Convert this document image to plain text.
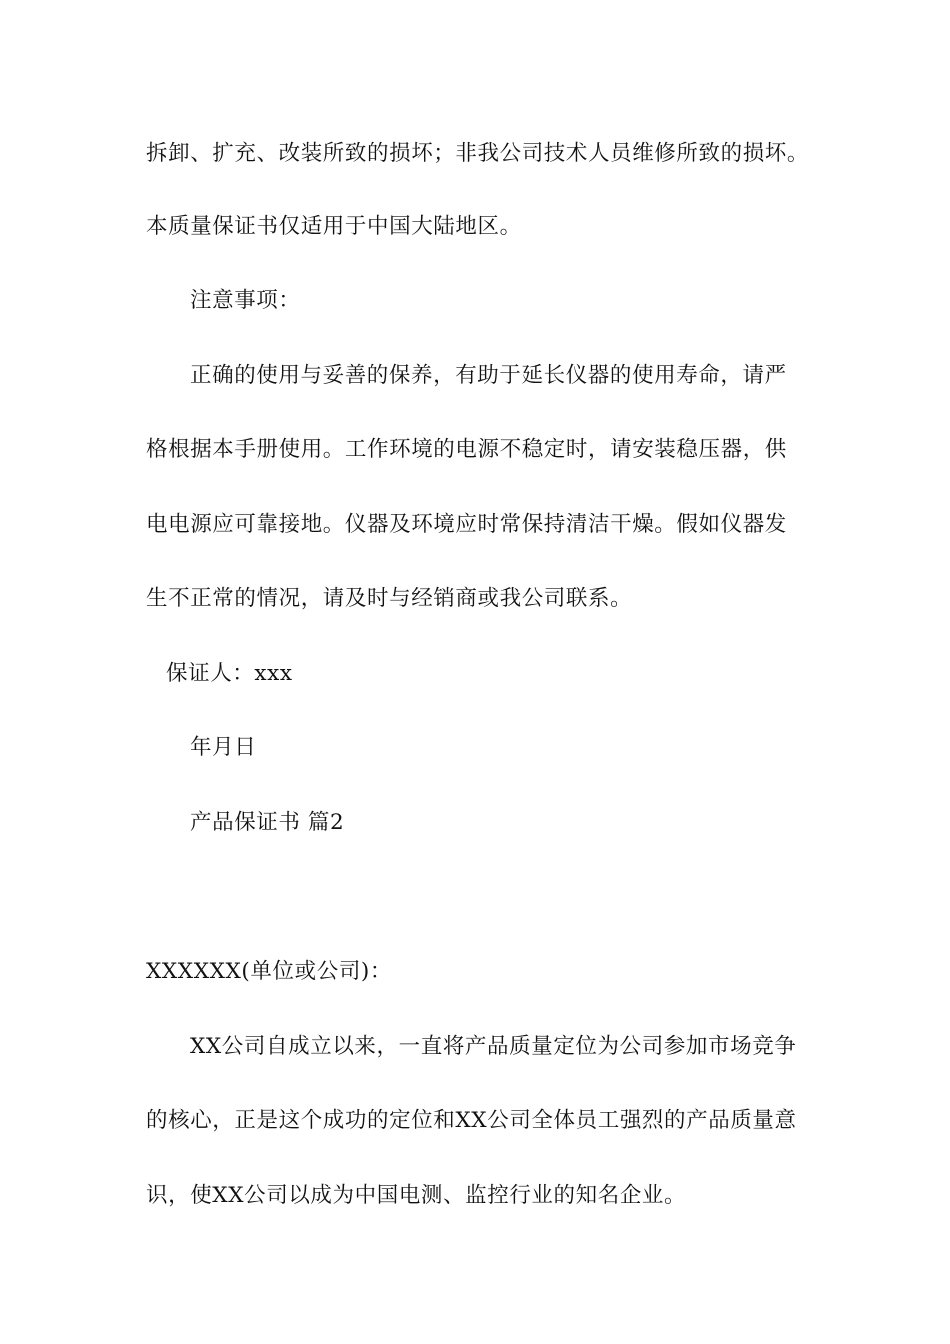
拆卸、扩充、改装所致的损坏；非我公司技术人员维修所致的损坏。
本质量保证书仅适用于中国大陆地区。
注意事项：
正确的使用与妥善的保养，有助于延长仪器的使用寿命，请严
格根据本手册使用。工作环境的电源不稳定时，请安装稳压器，供
电电源应可靠接地。仪器及环境应时常保持清洁干燥。假如仪器发
生不正常的情况，请及时与经销商或我公司联系。
保证人：xxx
年月日
产品保证书 篇2
XXXXXX(单位或公司)：
XX公司自成立以来，一直将产品质量定位为公司参加市场竞争
的核心，正是这个成功的定位和XX公司全体员工强烈的产品质量意
识，使XX公司以成为中国电测、监控行业的知名企业。
